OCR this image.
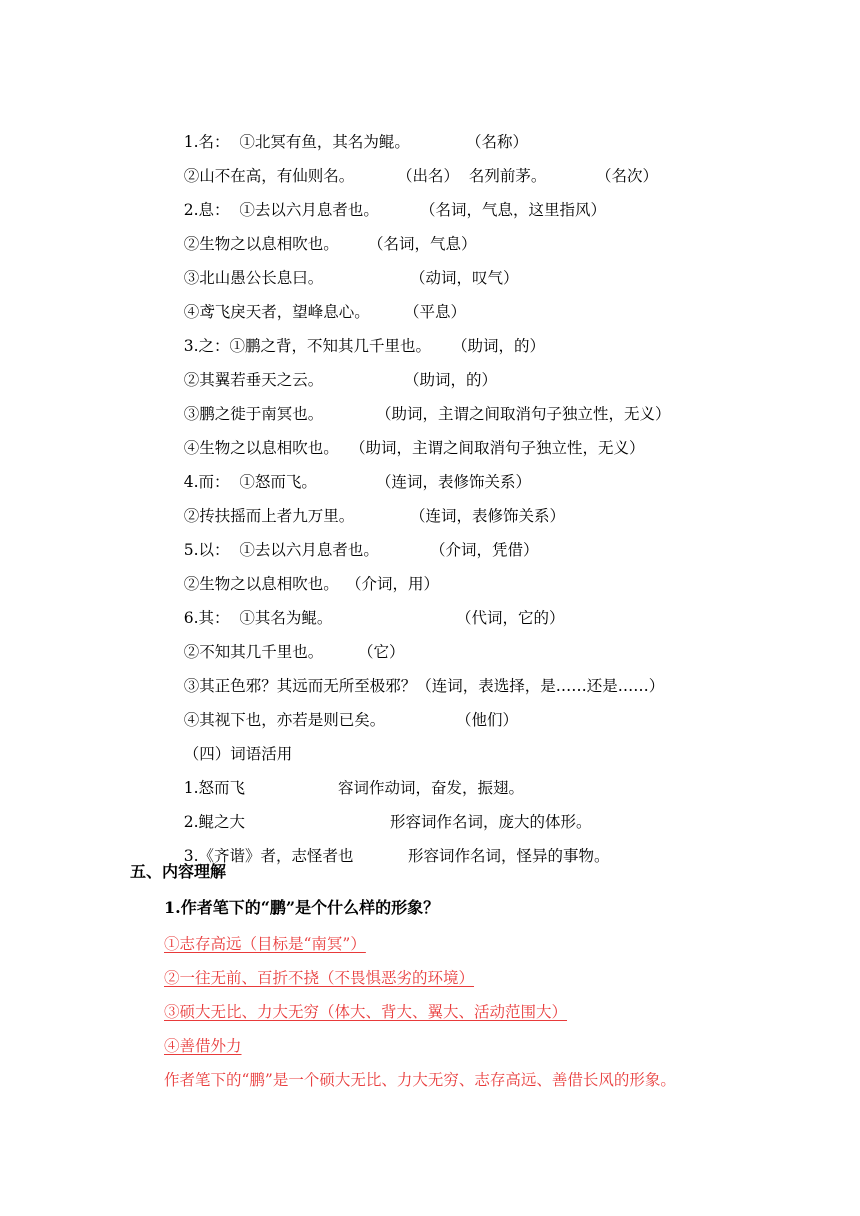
1.名：  ①北冥有鱼，其名为鲲。	（名称）

②山不在高，有仙则名。	（出名）  名列前茅。	（名次）

2.息：  ①去以六月息者也。	（名词，气息，这里指风）

②生物之以息相吹也。 （名词，气息）

③北山愚公长息曰。	（动词，叹气）

④鸢飞戾天者，望峰息心。 （平息）

3.之：①鹏之背，不知其几千里也。 （助词，的）

②其翼若垂天之云。	（助词，的）

③鹏之徙于南冥也。	（助词，主谓之间取消句子独立性，无义）

④生物之以息相吹也。 （助词，主谓之间取消句子独立性，无义）

4.而：  ①怒而飞。	（连词，表修饰关系）

②抟扶摇而上者九万里。	（连词，表修饰关系）

5.以：  ①去以六月息者也。	（介词，凭借）

②生物之以息相吹也。 （介词，用）

6.其：  ①其名为鲲。	（代词，它的）

②不知其几千里也。 （它）

③其正色邪？其远而无所至极邪？（连词，表选择，是……还是……）

④其视下也，亦若是则已矣。	（他们）

（四）词语活用

1.怒而飞	容词作动词，奋发，振翅。

2.鲲之大	形容词作名词，庞大的体形。

3.《齐谐》者，志怪者也	形容词作名词，怪异的事物。

五、内容理解
1.作者笔下的“鹏”是个什么样的形象？
①志存高远（目标是“南冥”）
②一往无前、百折不挠（不畏惧恶劣的环境）
③硕大无比、力大无穷（体大、背大、翼大、活动范围大）
④善借外力
作者笔下的“鹏”是一个硕大无比、力大无穷、志存高远、善借长风的形象。
